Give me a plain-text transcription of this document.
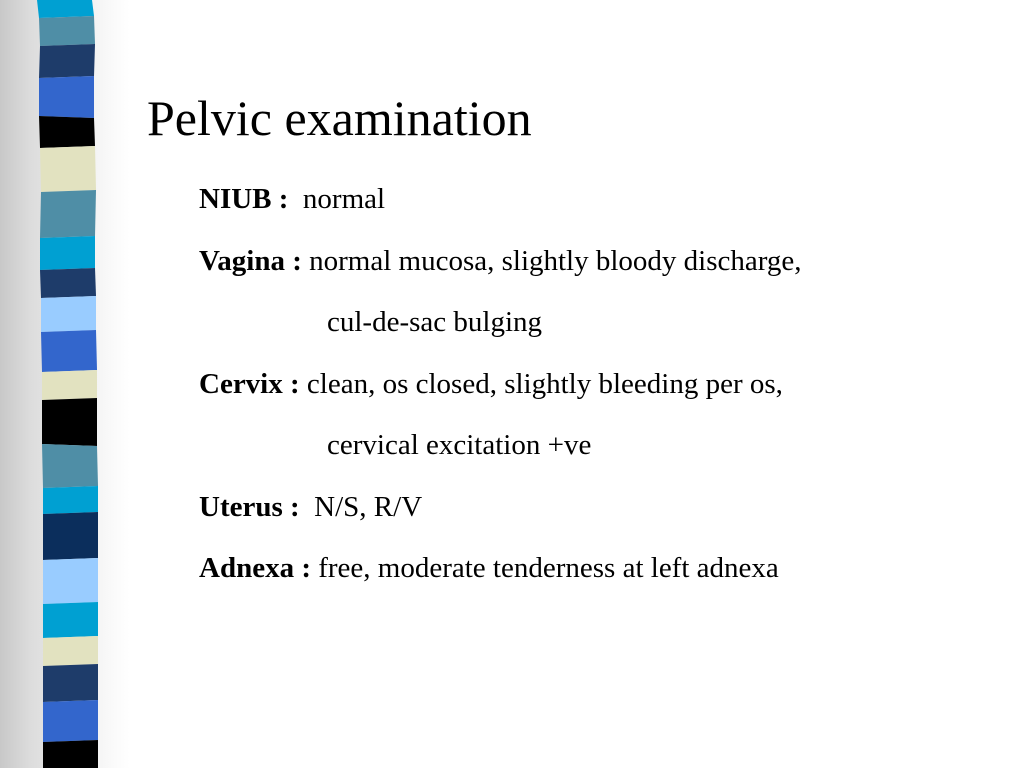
Pelvic examination
NIUB : normal
Vagina : normal mucosa, slightly bloody discharge,
cul-de-sac bulging
Cervix : clean, os closed, slightly bleeding per os,
cervical excitation +ve
Uterus : N/S, R/V
Adnexa : free, moderate tenderness at left adnexa
